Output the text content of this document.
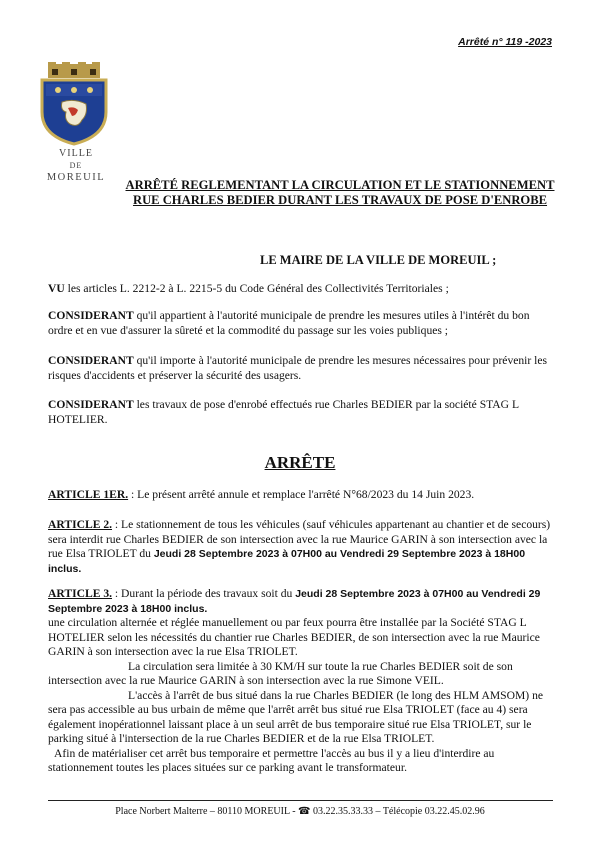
Arrêté n° 119 -2023
VILLE
DE
MOREUIL
ARRÊTÉ REGLEMENTANT LA CIRCULATION ET LE STATIONNEMENT RUE CHARLES BEDIER DURANT LES TRAVAUX DE POSE D'ENROBE
LE MAIRE DE LA VILLE DE MOREUIL ;
VU les articles L. 2212-2 à L. 2215-5 du Code Général des Collectivités Territoriales ;
CONSIDERANT qu'il appartient à l'autorité municipale de prendre les mesures utiles à l'intérêt du bon ordre et en vue d'assurer la sûreté et la commodité du passage sur les voies publiques ;
CONSIDERANT qu'il importe à l'autorité municipale de prendre les mesures nécessaires pour prévenir les risques d'accidents et préserver la sécurité des usagers.
CONSIDERANT les travaux de pose d'enrobé effectués rue Charles BEDIER par la société STAG L HOTELIER.
ARRÊTE
ARTICLE 1ER. : Le présent arrêté annule et remplace l'arrêté N°68/2023 du 14 Juin 2023.
ARTICLE 2. : Le stationnement de tous les véhicules (sauf véhicules appartenant au chantier et de secours) sera interdit rue Charles BEDIER de son intersection avec la rue Maurice GARIN à son intersection avec la rue Elsa TRIOLET du Jeudi 28 Septembre 2023 à 07H00 au Vendredi 29 Septembre 2023 à 18H00 inclus.
ARTICLE 3. : Durant la période des travaux soit du Jeudi 28 Septembre 2023 à 07H00 au Vendredi 29 Septembre 2023 à 18H00 inclus.
une circulation alternée et réglée manuellement ou par feux pourra être installée par la Société STAG L HOTELIER selon les nécessités du chantier rue Charles BEDIER, de son intersection avec la rue Maurice GARIN à son intersection avec la rue Elsa TRIOLET.
La circulation sera limitée à 30 KM/H sur toute la rue Charles BEDIER soit de son intersection avec la rue Maurice GARIN à son intersection avec la rue Simone VEIL.
L'accès à l'arrêt de bus situé dans la rue Charles BEDIER (le long des HLM AMSOM) ne sera pas accessible au bus urbain de même que l'arrêt arrêt bus situé rue Elsa TRIOLET (face au 4) sera également inopérationnel laissant place à un seul arrêt de bus temporaire situé rue Elsa TRIOLET, sur le parking situé à l'intersection de la rue Charles BEDIER et de la rue Elsa TRIOLET.
Afin de matérialiser cet arrêt bus temporaire et permettre l'accès au bus il y a lieu d'interdire au stationnement toutes les places situées sur ce parking avant le transformateur.
Place Norbert Malterre – 80110 MOREUIL - ☎ 03.22.35.33.33 – Télécopie 03.22.45.02.96
